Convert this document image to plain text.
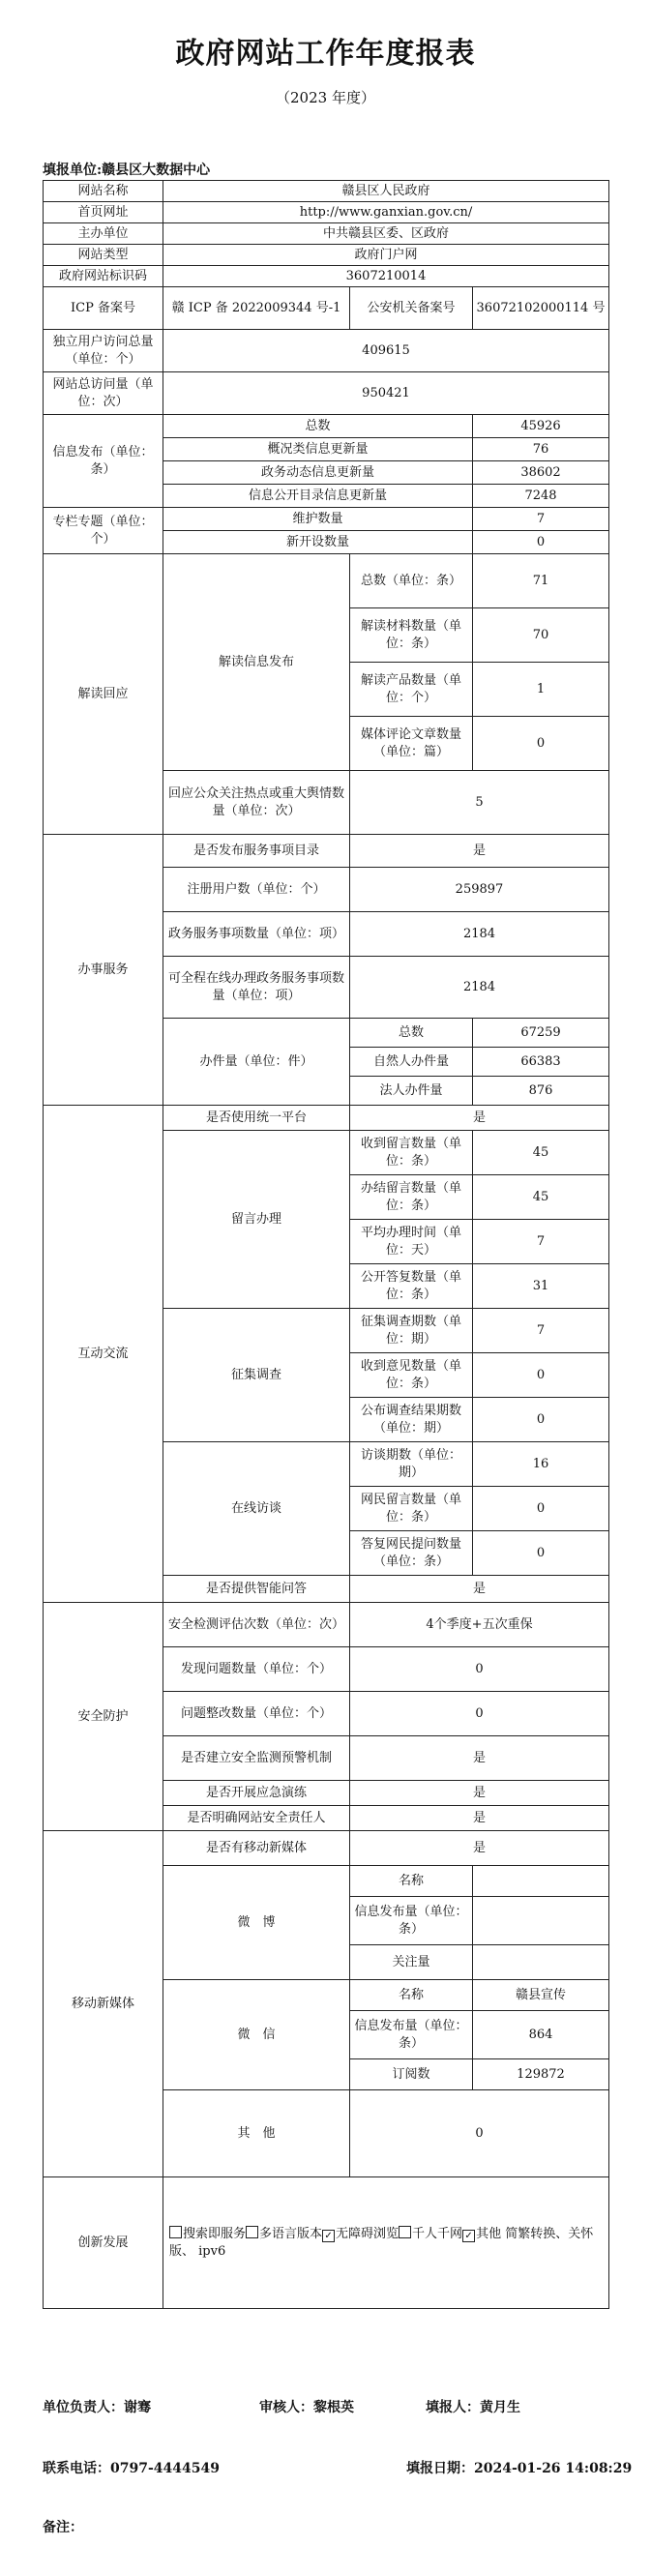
政府网站工作年度报表
（2023 年度）
填报单位:赣县区大数据中心
网站名称	赣县区人民政府		
首页网址	http://www.ganxian.gov.cn/		
主办单位	中共赣县区委、区政府		
网站类型	政府门户网		
政府网站标识码	3607210014		
ICP 备案号	赣 ICP 备 2022009344 号-1	公安机关备案号	36072102000114 号
独立用户访问总量（单位：个）	409615		
网站总访问量（单位：次）	950421		
信息发布（单位：条）	总数		45926
	概况类信息更新量		76
	政务动态信息更新量		38602
	信息公开目录信息更新量		7248
专栏专题（单位：个）	维护数量		7
	新开设数量		0
解读回应	解读信息发布	总数（单位：条）	71
		解读材料数量（单位：条）	70
		解读产品数量（单位：个）	1
		媒体评论文章数量（单位：篇）	0
	回应公众关注热点或重大舆情数量（单位：次）	5	
办事服务	是否发布服务事项目录	是	
	注册用户数（单位：个）	259897	
	政务服务事项数量（单位：项）	2184	
	可全程在线办理政务服务事项数量（单位：项）	2184	
	办件量（单位：件）	总数	67259
		自然人办件量	66383
		法人办件量	876
互动交流	是否使用统一平台	是	
	留言办理	收到留言数量（单位：条）	45
		办结留言数量（单位：条）	45
		平均办理时间（单位：天）	7
		公开答复数量（单位：条）	31
	征集调查	征集调查期数（单位：期）	7
		收到意见数量（单位：条）	0
		公布调查结果期数（单位：期）	0
	在线访谈	访谈期数（单位：期）	16
		网民留言数量（单位：条）	0
		答复网民提问数量（单位：条）	0
	是否提供智能问答	是	
安全防护	安全检测评估次数（单位：次）	4个季度+五次重保	
	发现问题数量（单位：个）	0	
	问题整改数量（单位：个）	0	
	是否建立安全监测预警机制	是	
	是否开展应急演练	是	
	是否明确网站安全责任人	是	
移动新媒体	是否有移动新媒体	是	
	微　博	名称	
		信息发布量（单位：条）	
		关注量	
	微　信	名称	赣县宣传
		信息发布量（单位：条）	864
		订阅数	129872
	其　他	0	
创新发展	搜索即服务 多语言版本 ✓ 无障碍浏览 千人千网 ✓ 其他 简繁转换、关怀版、 ipv6		
单位负责人：谢骞	审核人：黎根英	填报人：黄月生
联系电话：0797-4444549	填报日期：2024-01-26 14:08:29
备注：
